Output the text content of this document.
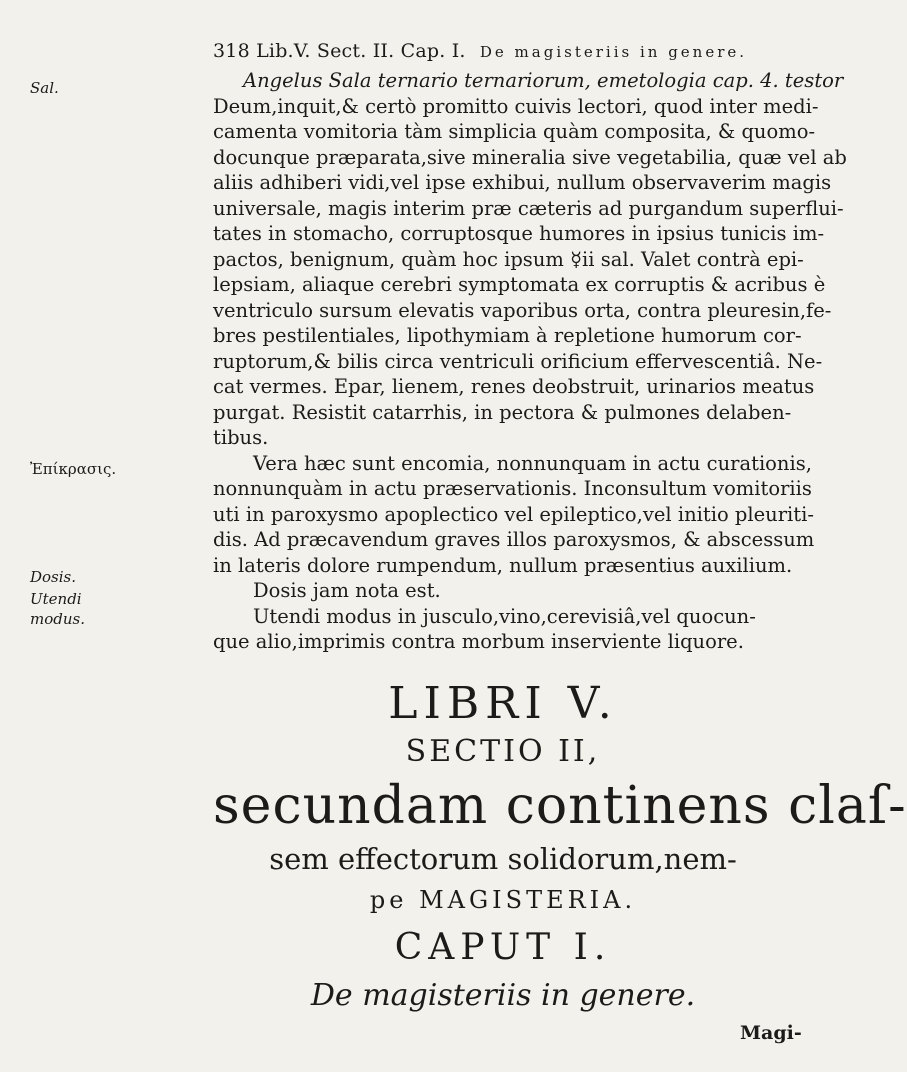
318 Lib.V. Sect. II. Cap. I. De magisteriis in genere.
Sal.
Ἐπίκρασις.
Dosis.
Utendi
modus.
Angelus Sala ternario ternariorum, emetologia cap. 4. testor
Deum,inquit,& certò promitto cuivis lectori, quod inter medi-
camenta vomitoria tàm simplicia quàm composita, & quomo-
docunque præparata,sive mineralia sive vegetabilia, quæ vel ab
aliis adhiberi vidi,vel ipse exhibui, nullum observaverim magis
universale, magis interim præ cæteris ad purgandum superflui-
tates in stomacho, corruptosque humores in ipsius tunicis im-
pactos, benignum, quàm hoc ipsum ☿ii sal. Valet contrà epi-
lepsiam, aliaque cerebri symptomata ex corruptis & acribus è
ventriculo sursum elevatis vaporibus orta, contra pleuresin,fe-
bres pestilentiales, lipothymiam à repletione humorum cor-
ruptorum,& bilis circa ventriculi orificium effervescentiâ. Ne-
cat vermes. Epar, lienem, renes deobstruit, urinarios meatus
purgat. Resistit catarrhis, in pectora & pulmones delaben-
tibus.
Vera hæc sunt encomia, nonnunquam in actu curationis,
nonnunquàm in actu præservationis. Inconsultum vomitoriis
uti in paroxysmo apoplectico vel epileptico,vel initio pleuriti-
dis. Ad præcavendum graves illos paroxysmos, & abscessum
in lateris dolore rumpendum, nullum præsentius auxilium.
Dosis jam nota est.
Utendi modus in jusculo,vino,cerevisiâ,vel quocun-
que alio,imprimis contra morbum inserviente liquore.
LIBRI V.
SECTIO II,
secundam continens claſ-
sem effectorum solidorum,nem-
pe MAGISTERIA.
CAPUT I.
De magisteriis in genere.
Magi-
